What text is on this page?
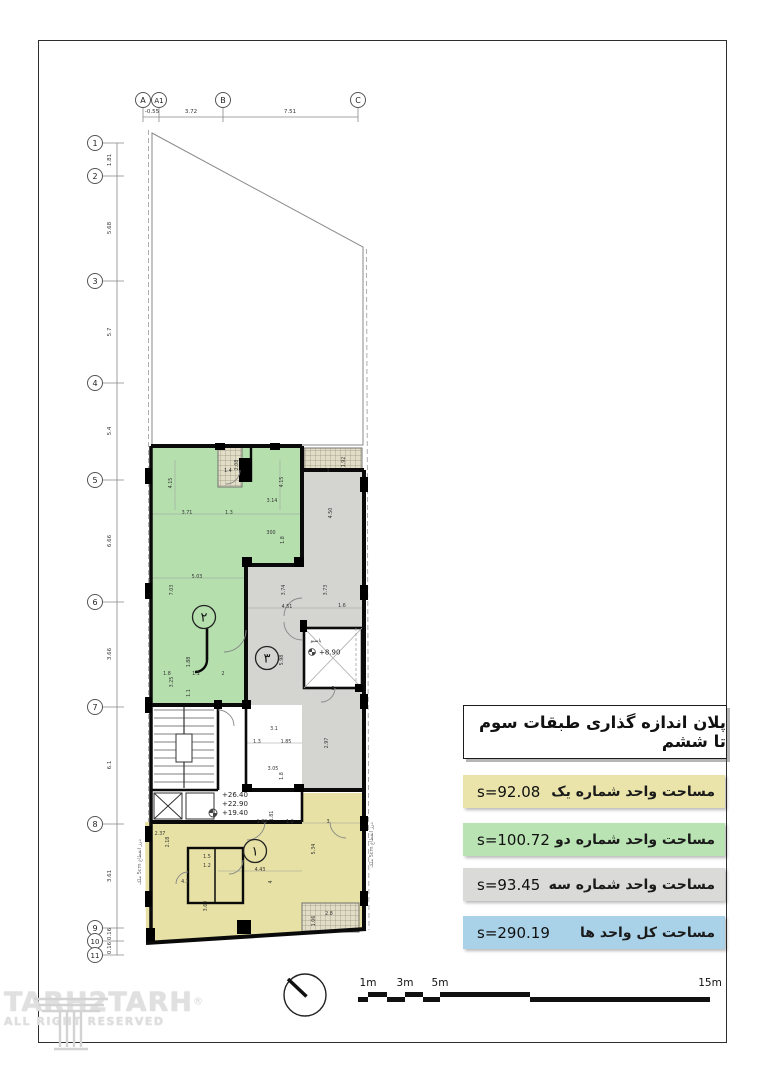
پاسیو
+8.90
+26.40
+22.90
+19.40
درز انقطاع 5cm ملک	درز انقطاع 5cm ملک
A A1	B	C
-0.55	3.72	7.51
1
2
3
4
5
6
7
8
9
10
11
1.81
5.68
5.7
5.4
6.66
3.66
6.1
3.61
0.16
0.16
4.15
3.71	1.3
3.14
4.15
300
1.8
5.03
7.03
1.4
2.08
3
1.92
4.50
1.8
3.25
1.88
1.1	2
1.1
3.74
4.51
3.73
1.6
5.98
3
3.1
1.3	1.85	2.97
3.05
1.8
1.89	1.2	3
1.81
2.37
2.18
5.34
1.5
1.2
4.43
4
4.1
3.63
2.8
1.06
١
٢
٣
پلان اندازه گذاری طبقات سوم تا ششم
s=92.08 مساحت واحد شماره یک
s=100.72 مساحت واحد شماره دو
s=93.45 مساحت واحد شماره سه
s=290.19 مساحت کل واحد ها
1m 3m 5m	15m
TARH2TARH®
ALL RIGHT RESERVED
